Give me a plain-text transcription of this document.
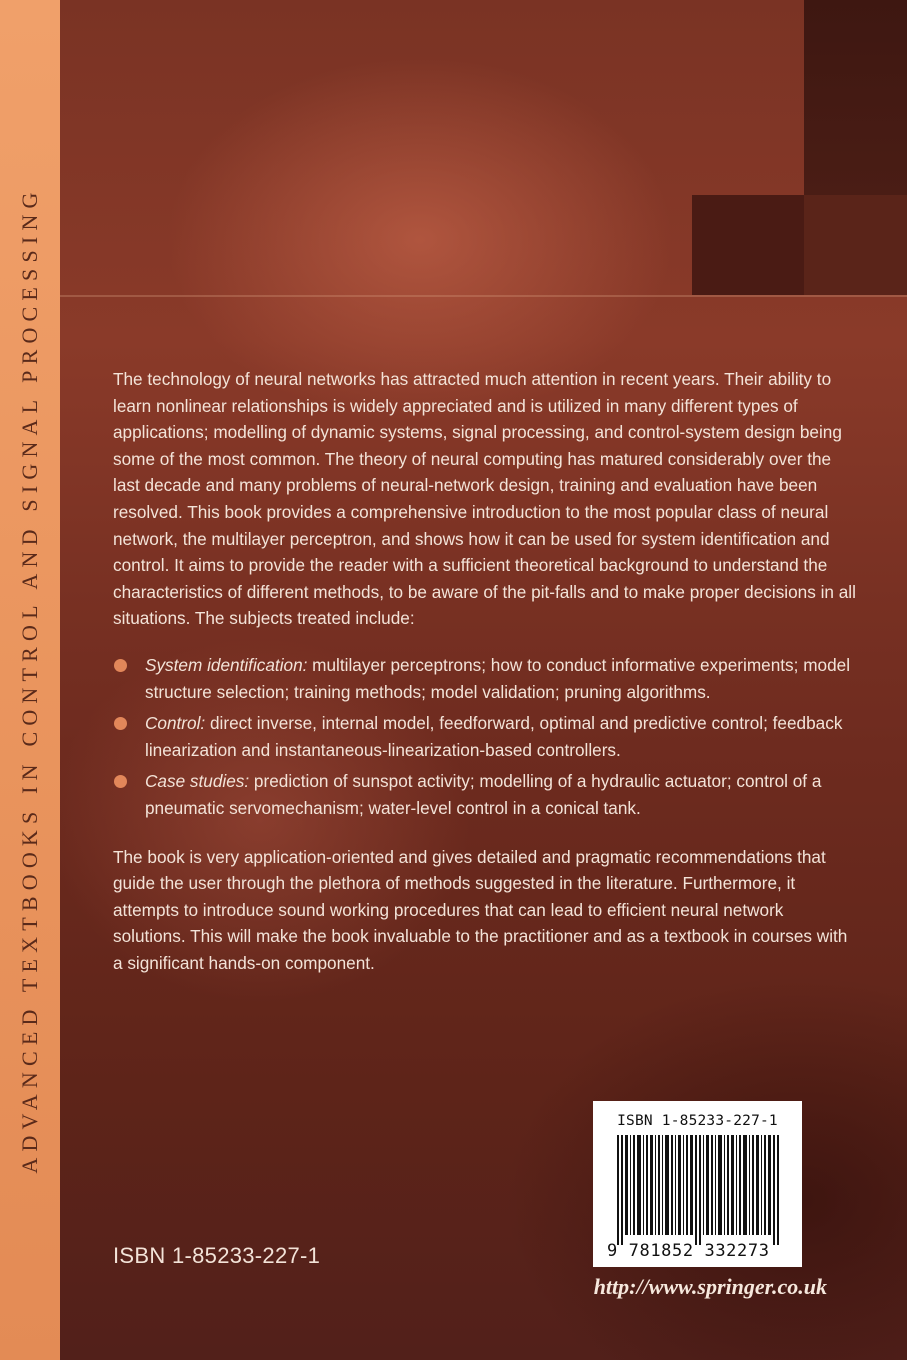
ADVANCED TEXTBOOKS IN CONTROL AND SIGNAL PROCESSING	The technology of neural networks has attracted much attention in recent years. Their ability to learn nonlinear relationships is widely appreciated and is utilized in many different types of applications; modelling of dynamic systems, signal processing, and control-system design being some of the most common. The theory of neural computing has matured considerably over the last decade and many problems of neural-network design, training and evaluation have been resolved. This book provides a comprehensive introduction to the most popular class of neural network, the multilayer perceptron, and shows how it can be used for system identification and control. It aims to provide the reader with a sufficient theoretical background to understand the characteristics of different methods, to be aware of the pit-falls and to make proper decisions in all situations. The subjects treated include:

System identification: multilayer perceptrons; how to conduct informative experiments; model structure selection; training methods; model validation; pruning algorithms.
Control: direct inverse, internal model, feedforward, optimal and predictive control; feedback linearization and instantaneous-linearization-based controllers.
Case studies: prediction of sunspot activity; modelling of a hydraulic actuator; control of a pneumatic servomechanism; water-level control in a conical tank.

The book is very application-oriented and gives detailed and pragmatic recommendations that guide the user through the plethora of methods suggested in the literature. Furthermore, it attempts to introduce sound working procedures that can lead to efficient neural network solutions. This will make the book invaluable to the practitioner and as a textbook in courses with a significant hands-on component.

ISBN 1-85233-227-1
ISBN 1-85233-227-1
9 781852 332273
http://www.springer.co.uk
